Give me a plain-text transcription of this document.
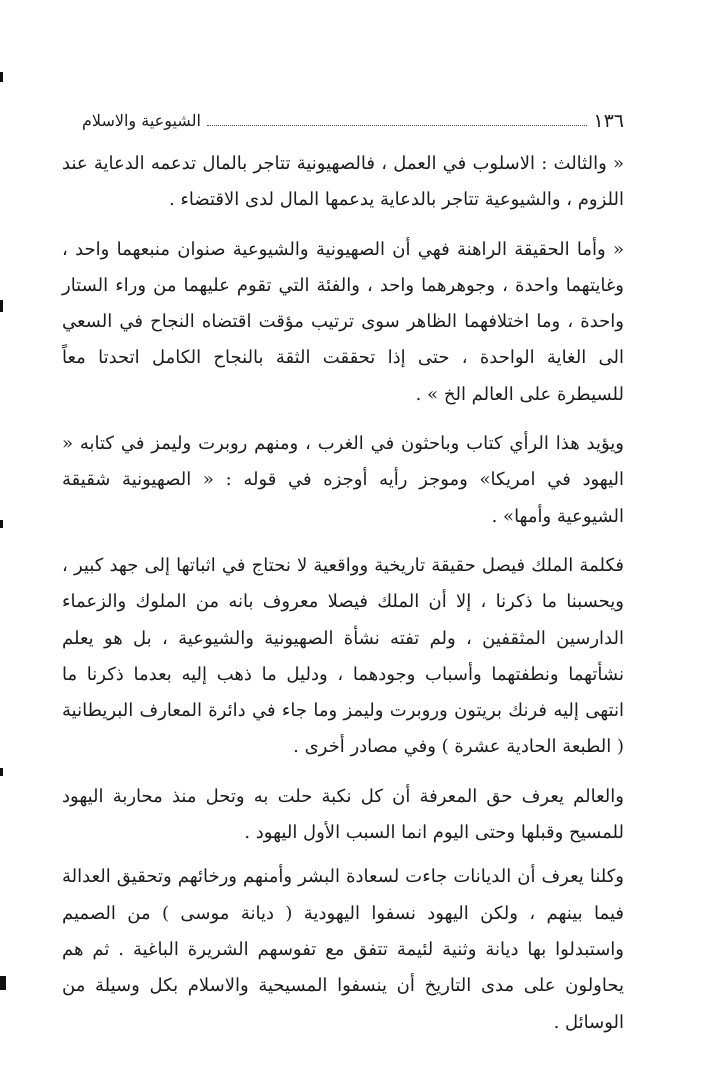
١٣٦
الشيوعية والاسلام

« والثالث : الاسلوب في العمل ، فالصهيونية تتاجر بالمال تدعمه الدعاية عند اللزوم ، والشيوعية تتاجر بالدعاية يدعمها المال لدى الاقتضاء .

« وأما الحقيقة الراهنة فهي أن الصهيونية والشيوعية صنوان منبعهما واحد ، وغايتهما واحدة ، وجوهرهما واحد ، والفئة التي تقوم عليهما من وراء الستار واحدة ، وما اختلافهما الظاهر سوى ترتيب مؤقت اقتضاه النجاح في السعي الى الغاية الواحدة ، حتى إذا تحققت الثقة بالنجاح الكامل اتحدتا معاً للسيطرة على العالم الخ » .

ويؤيد هذا الرأي كتاب وباحثون في الغرب ، ومنهم روبرت وليمز في كتابه « اليهود في امريكا» وموجز رأيه أوجزه في قوله : « الصهيونية شقيقة الشيوعية وأمها» .

فكلمة الملك فيصل حقيقة تاريخية وواقعية لا نحتاج في اثباتها إلى جهد كبير ، ويحسبنا ما ذكرنا ، إلا أن الملك فيصلا معروف بانه من الملوك والزعماء الدارسين المثقفين ، ولم تفته نشأة الصهيونية والشيوعية ، بل هو يعلم نشأتهما ونطفتهما وأسباب وجودهما ، ودليل ما ذهب إليه بعدما ذكرنا ما انتهى إليه فرنك بريتون وروبرت وليمز وما جاء في دائرة المعارف البريطانية ( الطبعة الحادية عشرة ) وفي مصادر أخرى .

والعالم يعرف حق المعرفة أن كل نكبة حلت به وتحل منذ محاربة اليهود للمسيح وقبلها وحتى اليوم انما السبب الأول اليهود .

وكلنا يعرف أن الديانات جاءت لسعادة البشر وأمنهم ورخائهم وتحقيق العدالة فيما بينهم ، ولكن اليهود نسفوا اليهودية ( ديانة موسى ) من الصميم واستبدلوا بها ديانة وثنية لئيمة تتفق مع تفوسهم الشريرة الباغية . ثم هم يحاولون على مدى التاريخ أن ينسفوا المسيحية والاسلام بكل وسيلة من الوسائل .
